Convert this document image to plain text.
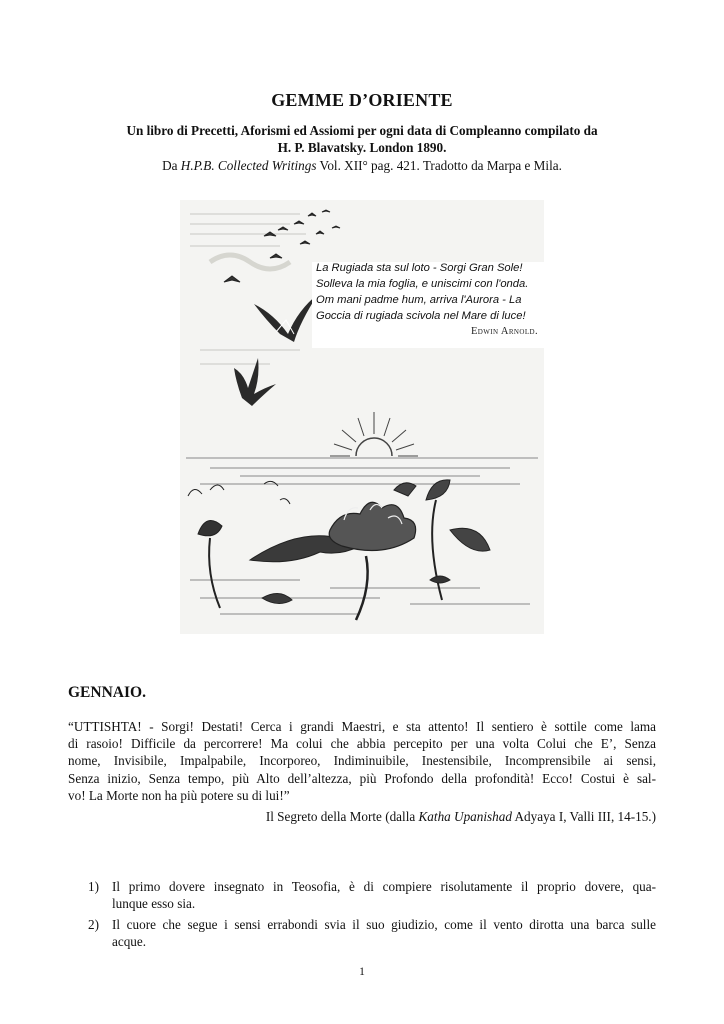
GEMME D’ORIENTE
Un libro di Precetti, Aforismi ed Assiomi per ogni data di Compleanno compilato da
H. P. Blavatsky. London 1890.
Da H.P.B. Collected Writings Vol. XII° pag. 421. Tradotto da Marpa e Mila.
La Rugiada sta sul loto - Sorgi Gran Sole!
Solleva la mia foglia, e uniscimi con l'onda.
Om mani padme hum, arriva l'Aurora - La
Goccia di rugiada scivola nel Mare di luce!
Edwin Arnold.
GENNAIO.
“UTTISHTA! - Sorgi! Destati! Cerca i grandi Maestri, e sta attento! Il sentiero è sottile come lama
di rasoio! Difficile da percorrere! Ma colui che abbia percepito per una volta Colui che E’, Senza
nome, Invisibile, Impalpabile, Incorporeo, Indiminuibile, Inestensibile, Incomprensibile ai sensi,
Senza inizio, Senza tempo, più Alto dell’altezza, più Profondo della profondità! Ecco! Costui è sal-
vo! La Morte non ha più potere su di lui!”
Il Segreto della Morte (dalla Katha Upanishad Adyaya I, Valli III, 14-15.)
1) Il primo dovere insegnato in Teosofia, è di compiere risolutamente il proprio dovere, qua-
lunque esso sia.
2) Il cuore che segue i sensi errabondi svia il suo giudizio, come il vento dirotta una barca sulle
acque.
1
